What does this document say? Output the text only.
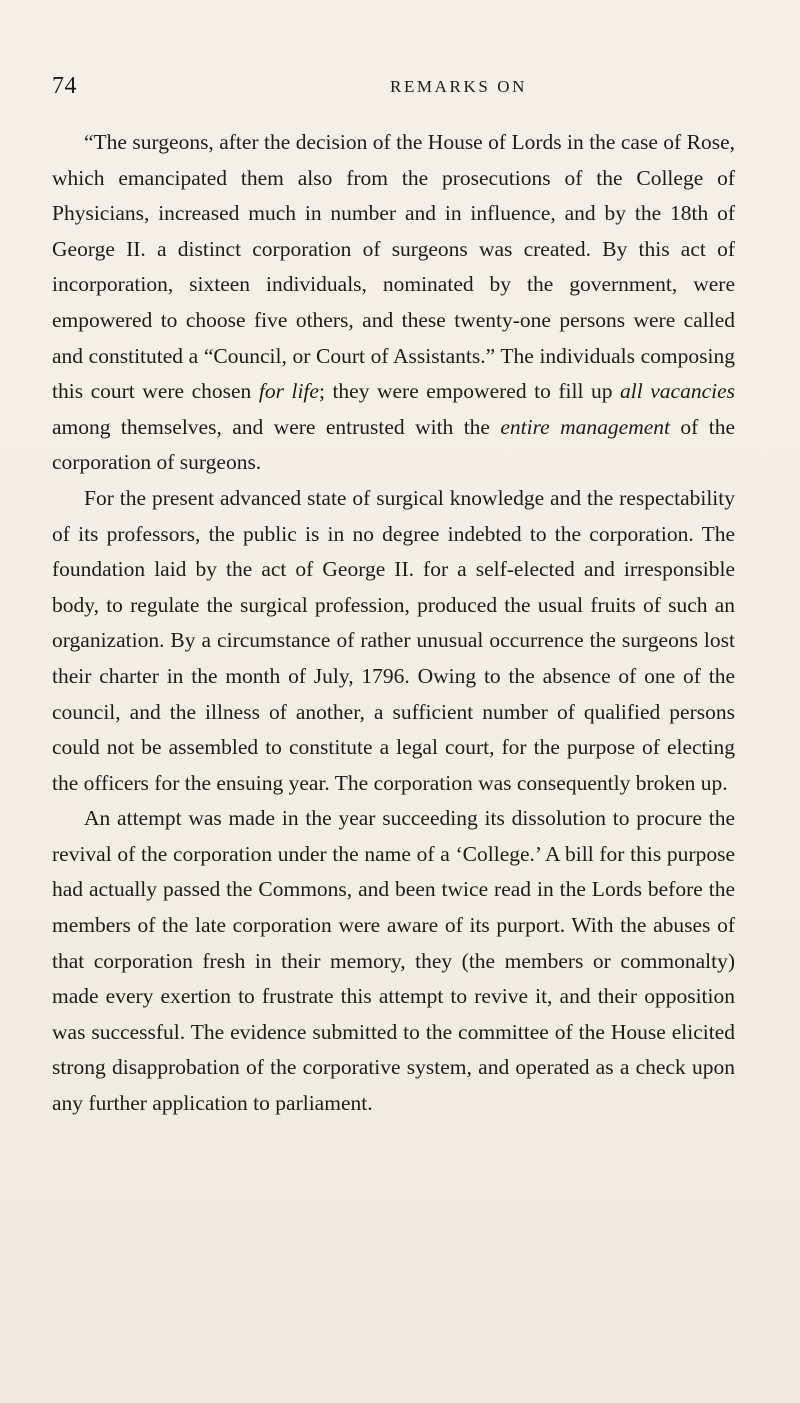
74	REMARKS ON

“The surgeons, after the decision of the House of Lords in the case of Rose, which emancipated them also from the prosecutions of the College of Physicians, increased much in number and in influence, and by the 18th of George II. a distinct corporation of surgeons was created. By this act of incorporation, sixteen individuals, nominated by the government, were empowered to choose five others, and these twenty-one persons were called and constituted a “Council, or Court of Assistants.” The individuals composing this court were chosen for life; they were empowered to fill up all vacancies among themselves, and were entrusted with the entire management of the corporation of surgeons.

For the present advanced state of surgical knowledge and the respectability of its professors, the public is in no degree indebted to the corporation. The foundation laid by the act of George II. for a self-elected and irresponsible body, to regulate the surgical profession, produced the usual fruits of such an organization. By a circumstance of rather unusual occurrence the surgeons lost their charter in the month of July, 1796. Owing to the absence of one of the council, and the illness of another, a sufficient number of qualified persons could not be assembled to constitute a legal court, for the purpose of electing the officers for the ensuing year. The corporation was consequently broken up.

An attempt was made in the year succeeding its dissolution to procure the revival of the corporation under the name of a ‘College.’ A bill for this purpose had actually passed the Commons, and been twice read in the Lords before the members of the late corporation were aware of its purport. With the abuses of that corporation fresh in their memory, they (the members or commonalty) made every exertion to frustrate this attempt to revive it, and their opposition was successful. The evidence submitted to the committee of the House elicited strong disapprobation of the corporative system, and operated as a check upon any further application to parliament.
